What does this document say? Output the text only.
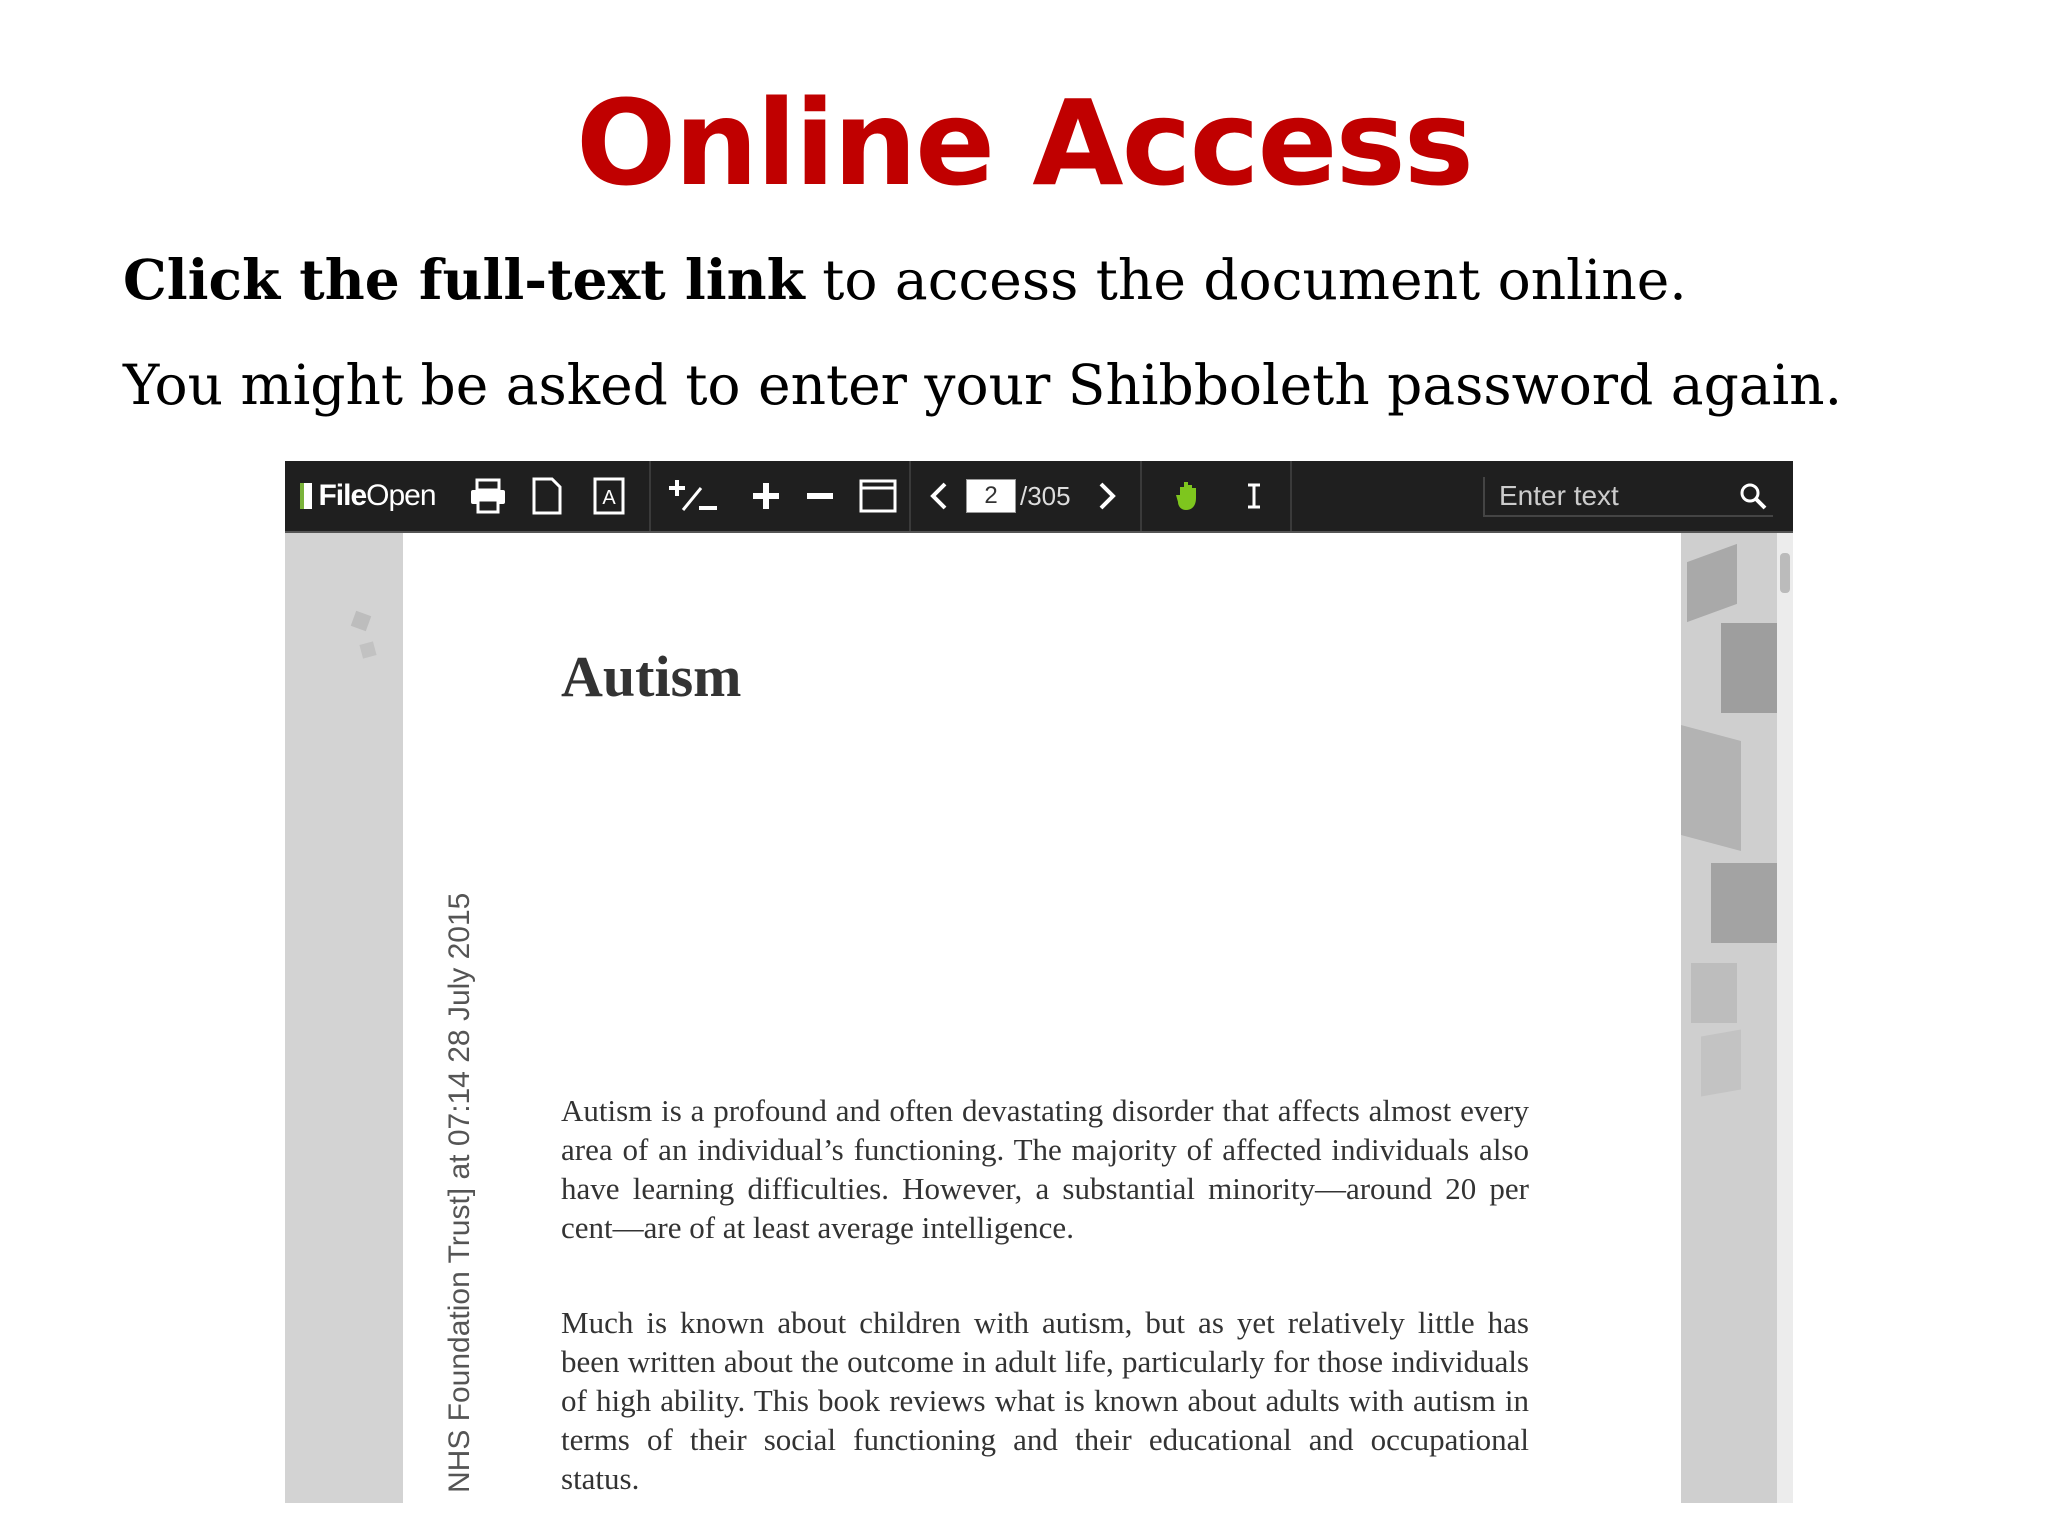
Online Access

Click the full-text link to access the document online.

You might be asked to enter your Shibboleth password again.

File Open	A	2 /305	Enter text
NHS Foundation Trust] at 07:14 28 July 2015
Autism

Autism is a profound and often devastating disorder that affects almost every area of an individual’s functioning. The majority of affected individuals also have learning difficulties. However, a substantial minority—around 20 per cent—are of at least average intelligence.

Much is known about children with autism, but as yet relatively little has been written about the outcome in adult life, particularly for those individuals of high ability. This book reviews what is known about adults with autism in terms of their social functioning and their educational and occupational status.
